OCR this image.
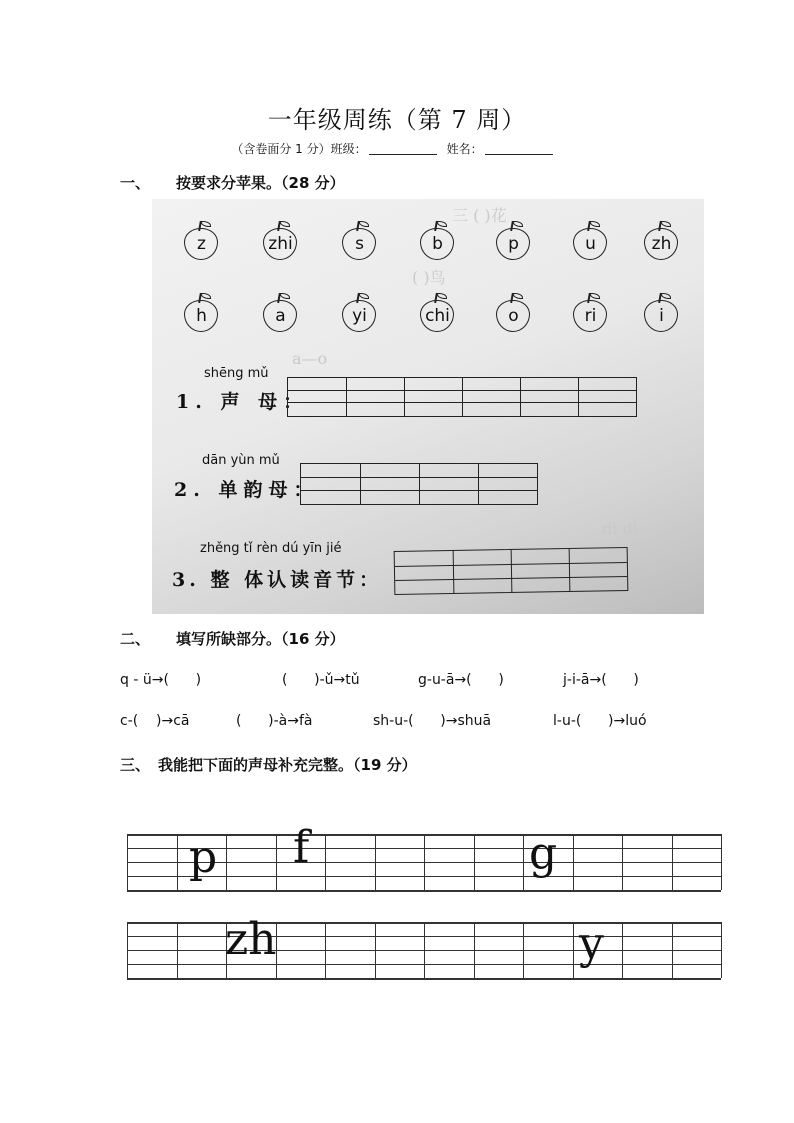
一年级周练（第 7 周）
（含卷面分 1 分）班级：	姓名：
一、 按要求分苹果。（28 分）
三 ( )花
( )鸟
a—o
dì dì
z	zhi	s	b	p	u	zh
h	a	yi	chi	o	ri	i
shēng mǔ
1. 声 母：
dān yùn mǔ
2. 单韵母：
zhěng tǐ rèn dú yīn jié
3. 整 体认读音节：
二、 填写所缺部分。（16 分）
q - ü→(      )	(      )-ǔ→tǔ	g-u-ā→(      )	j-i-ā→(      )
c-(    )→cā	(      )-à→fà	sh-u-(      )→shuā	l-u-(      )→luó
三、 我能把下面的声母补充完整。（19 分）
p f	g
zh	y
